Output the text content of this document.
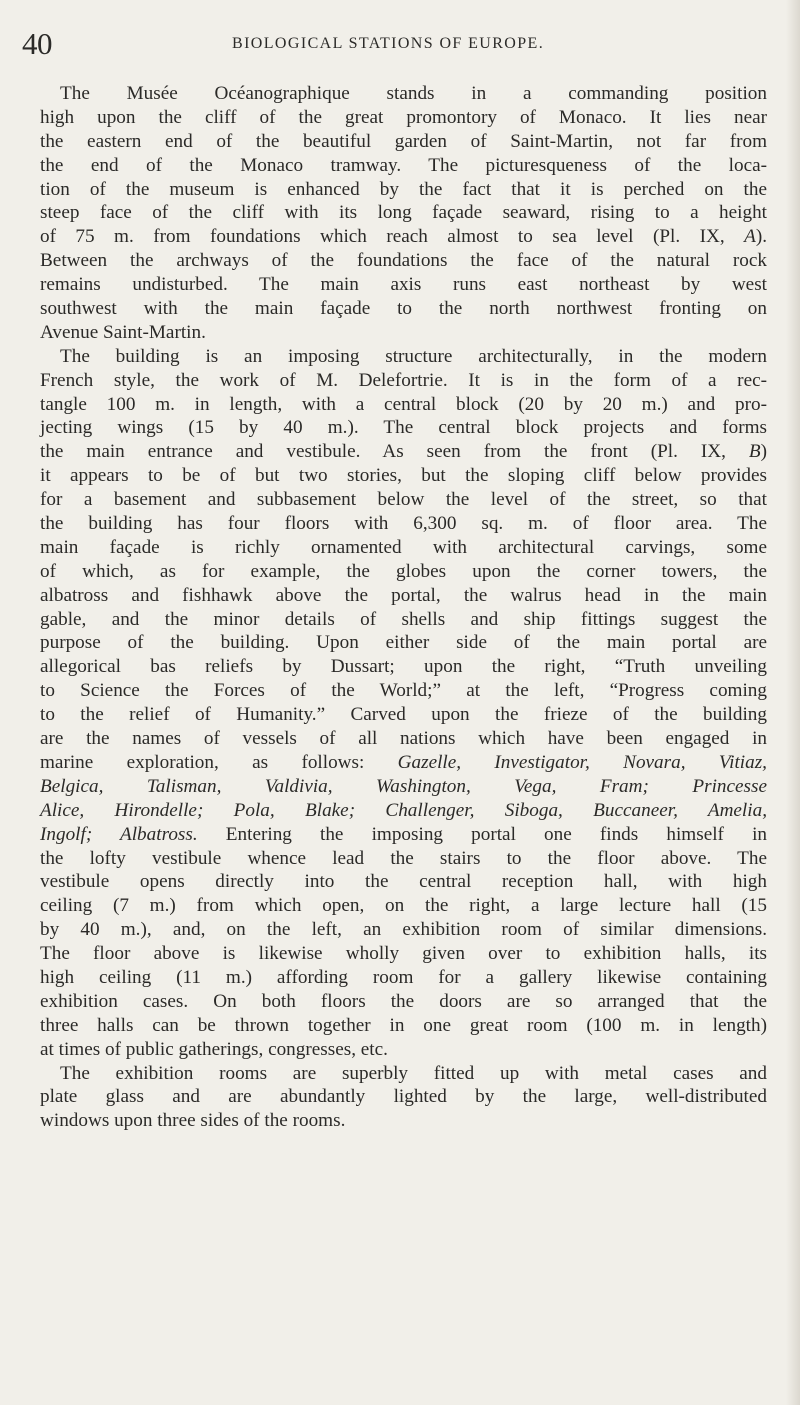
40	BIOLOGICAL STATIONS OF EUROPE.
The Musée Océanographique stands in a commanding position
high upon the cliff of the great promontory of Monaco. It lies near
the eastern end of the beautiful garden of Saint-Martin, not far from
the end of the Monaco tramway. The picturesqueness of the loca-
tion of the museum is enhanced by the fact that it is perched on the
steep face of the cliff with its long façade seaward, rising to a height
of 75 m. from foundations which reach almost to sea level (Pl. IX, A).
Between the archways of the foundations the face of the natural rock
remains undisturbed. The main axis runs east northeast by west
southwest with the main façade to the north northwest fronting on
Avenue Saint-Martin.
The building is an imposing structure architecturally, in the modern
French style, the work of M. Delefortrie. It is in the form of a rec-
tangle 100 m. in length, with a central block (20 by 20 m.) and pro-
jecting wings (15 by 40 m.). The central block projects and forms
the main entrance and vestibule. As seen from the front (Pl. IX, B)
it appears to be of but two stories, but the sloping cliff below provides
for a basement and subbasement below the level of the street, so that
the building has four floors with 6,300 sq. m. of floor area. The
main façade is richly ornamented with architectural carvings, some
of which, as for example, the globes upon the corner towers, the
albatross and fishhawk above the portal, the walrus head in the main
gable, and the minor details of shells and ship fittings suggest the
purpose of the building. Upon either side of the main portal are
allegorical bas reliefs by Dussart; upon the right, “Truth unveiling
to Science the Forces of the World;” at the left, “Progress coming
to the relief of Humanity.” Carved upon the frieze of the building
are the names of vessels of all nations which have been engaged in
marine exploration, as follows: Gazelle, Investigator, Novara, Vitiaz,
Belgica, Talisman, Valdivia, Washington, Vega, Fram; Princesse
Alice, Hirondelle; Pola, Blake; Challenger, Siboga, Buccaneer, Amelia,
Ingolf; Albatross. Entering the imposing portal one finds himself in
the lofty vestibule whence lead the stairs to the floor above. The
vestibule opens directly into the central reception hall, with high
ceiling (7 m.) from which open, on the right, a large lecture hall (15
by 40 m.), and, on the left, an exhibition room of similar dimensions.
The floor above is likewise wholly given over to exhibition halls, its
high ceiling (11 m.) affording room for a gallery likewise containing
exhibition cases. On both floors the doors are so arranged that the
three halls can be thrown together in one great room (100 m. in length)
at times of public gatherings, congresses, etc.
The exhibition rooms are superbly fitted up with metal cases and
plate glass and are abundantly lighted by the large, well-distributed
windows upon three sides of the rooms.
